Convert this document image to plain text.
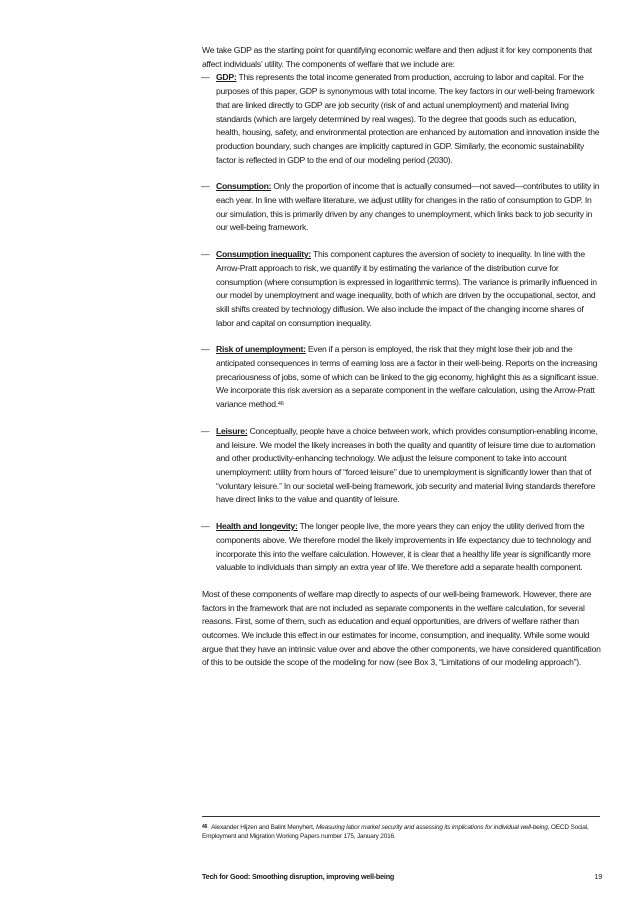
We take GDP as the starting point for quantifying economic welfare and then adjust it for key components that affect individuals’ utility. The components of welfare that we include are:

— GDP: This represents the total income generated from production, accruing to labor and capital. For the purposes of this paper, GDP is synonymous with total income. The key factors in our well-being framework that are linked directly to GDP are job security (risk of and actual unemployment) and material living standards (which are largely determined by real wages). To the degree that goods such as education, health, housing, safety, and environmental protection are enhanced by automation and innovation inside the production boundary, such changes are implicitly captured in GDP. Similarly, the economic sustainability factor is reflected in GDP to the end of our modeling period (2030).
— Consumption: Only the proportion of income that is actually consumed—not saved—contributes to utility in each year. In line with welfare literature, we adjust utility for changes in the ratio of consumption to GDP. In our simulation, this is primarily driven by any changes to unemployment, which links back to job security in our well-being framework.
— Consumption inequality: This component captures the aversion of society to inequality. In line with the Arrow-Pratt approach to risk, we quantify it by estimating the variance of the distribution curve for consumption (where consumption is expressed in logarithmic terms). The variance is primarily influenced in our model by unemployment and wage inequality, both of which are driven by the occupational, sector, and skill shifts created by technology diffusion. We also include the impact of the changing income shares of labor and capital on consumption inequality.
— Risk of unemployment: Even if a person is employed, the risk that they might lose their job and the anticipated consequences in terms of earning loss are a factor in their well-being. Reports on the increasing precariousness of jobs, some of which can be linked to the gig economy, highlight this as a significant issue. We incorporate this risk aversion as a separate component in the welfare calculation, using the Arrow-Pratt variance method.$^{46}$
— Leisure: Conceptually, people have a choice between work, which provides consumption-enabling income, and leisure. We model the likely increases in both the quality and quantity of leisure time due to automation and other productivity-enhancing technology. We adjust the leisure component to take into account unemployment: utility from hours of “forced leisure” due to unemployment is significantly lower than that of “voluntary leisure.” In our societal well-being framework, job security and material living standards therefore have direct links to the value and quantity of leisure.
— Health and longevity: The longer people live, the more years they can enjoy the utility derived from the components above. We therefore model the likely improvements in life expectancy due to technology and incorporate this into the welfare calculation. However, it is clear that a healthy life year is significantly more valuable to individuals than simply an extra year of life. We therefore add a separate health component.

Most of these components of welfare map directly to aspects of our well-being framework. However, there are factors in the framework that are not included as separate components in the welfare calculation, for several reasons. First, some of them, such as education and equal opportunities, are drivers of welfare rather than outcomes. We include this effect in our estimates for income, consumption, and inequality. While some would argue that they have an intrinsic value over and above the other components, we have considered quantification of this to be outside the scope of the modeling for now (see Box 3, “Limitations of our modeling approach”).

$^{46}$ Alexander Hijzen and Balint Menyhert, Measuring labor market security and assessing its implications for individual well-being, OECD Social, Employment and Migration Working Papers number 175, January 2016.
Tech for Good: Smoothing disruption, improving well-being	19
